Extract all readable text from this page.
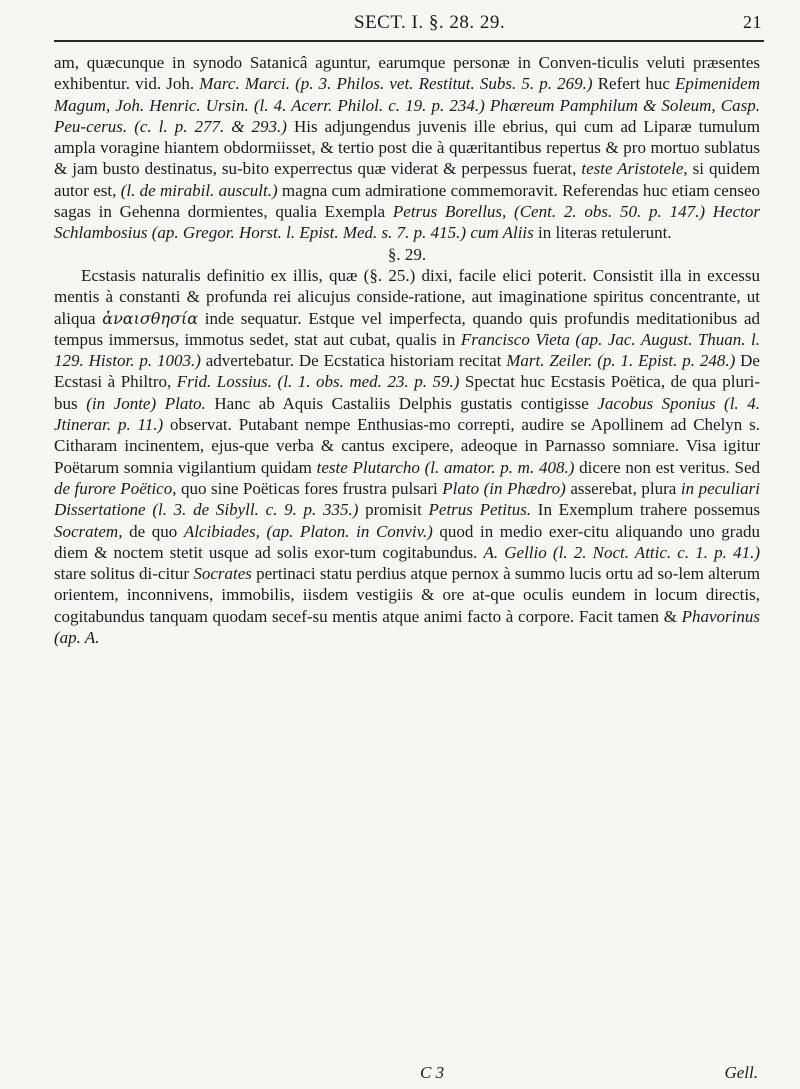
SECT. I. §. 28. 29.	21

am, quæcunque in synodo Satanicâ aguntur, earumque personæ in Conven-ticulis veluti præsentes exhibentur. vid. Joh. Marc. Marci. (p. 3. Philos. vet. Restitut. Subs. 5. p. 269.) Refert huc Epimenidem Magum, Joh. Henric. Ursin. (l. 4. Acerr. Philol. c. 19. p. 234.) Phæreum Pamphilum & Soleum, Casp. Peu-cerus. (c. l. p. 277. & 293.) His adjungendus juvenis ille ebrius, qui cum ad Liparæ tumulum ampla voragine hiantem obdormiisset, & tertio post die à quæritantibus repertus & pro mortuo sublatus & jam busto destinatus, su-bito experrectus quæ viderat & perpessus fuerat, teste Aristotele, si quidem autor est, (l. de mirabil. auscult.) magna cum admiratione commemoravit. Referendas huc etiam censeo sagas in Gehenna dormientes, qualia Exempla Petrus Borellus, (Cent. 2. obs. 50. p. 147.) Hector Schlambosius (ap. Gregor. Horst. l. Epist. Med. s. 7. p. 415.) cum Aliis in literas retulerunt.

§. 29.

Ecstasis naturalis definitio ex illis, quæ (§. 25.) dixi, facile elici poterit. Consistit illa in excessu mentis à constanti & profunda rei alicujus conside-ratione, aut imaginatione spiritus concentrante, ut aliqua ἀναισθησία inde sequatur. Estque vel imperfecta, quando quis profundis meditationibus ad tempus immersus, immotus sedet, stat aut cubat, qualis in Francisco Vieta (ap. Jac. August. Thuan. l. 129. Histor. p. 1003.) advertebatur. De Ecstatica historiam recitat Mart. Zeiler. (p. 1. Epist. p. 248.) De Ecstasi à Philtro, Frid. Lossius. (l. 1. obs. med. 23. p. 59.) Spectat huc Ecstasis Poëtica, de qua pluri-bus (in Jonte) Plato. Hanc ab Aquis Castaliis Delphis gustatis contigisse Jacobus Sponius (l. 4. Jtinerar. p. 11.) observat. Putabant nempe Enthusias-mo correpti, audire se Apollinem ad Chelyn s. Citharam incinentem, ejus-que verba & cantus excipere, adeoque in Parnasso somniare. Visa igitur Poëtarum somnia vigilantium quidam teste Plutarcho (l. amator. p. m. 408.) dicere non est veritus. Sed de furore Poëtico, quo sine Poëticas fores frustra pulsari Plato (in Phædro) asserebat, plura in peculiari Dissertatione (l. 3. de Sibyll. c. 9. p. 335.) promisit Petrus Petitus. In Exemplum trahere possemus Socratem, de quo Alcibiades, (ap. Platon. in Conviv.) quod in medio exer-citu aliquando uno gradu diem & noctem stetit usque ad solis exor-tum cogitabundus. A. Gellio (l. 2. Noct. Attic. c. 1. p. 41.) stare solitus di-citur Socrates pertinaci statu perdius atque pernox à summo lucis ortu ad so-lem alterum orientem, inconnivens, immobilis, iisdem vestigiis & ore at-que oculis eundem in locum directis, cogitabundus tanquam quodam secef-su mentis atque animi facto à corpore. Facit tamen & Phavorinus (ap. A.

C 3	Gell.
